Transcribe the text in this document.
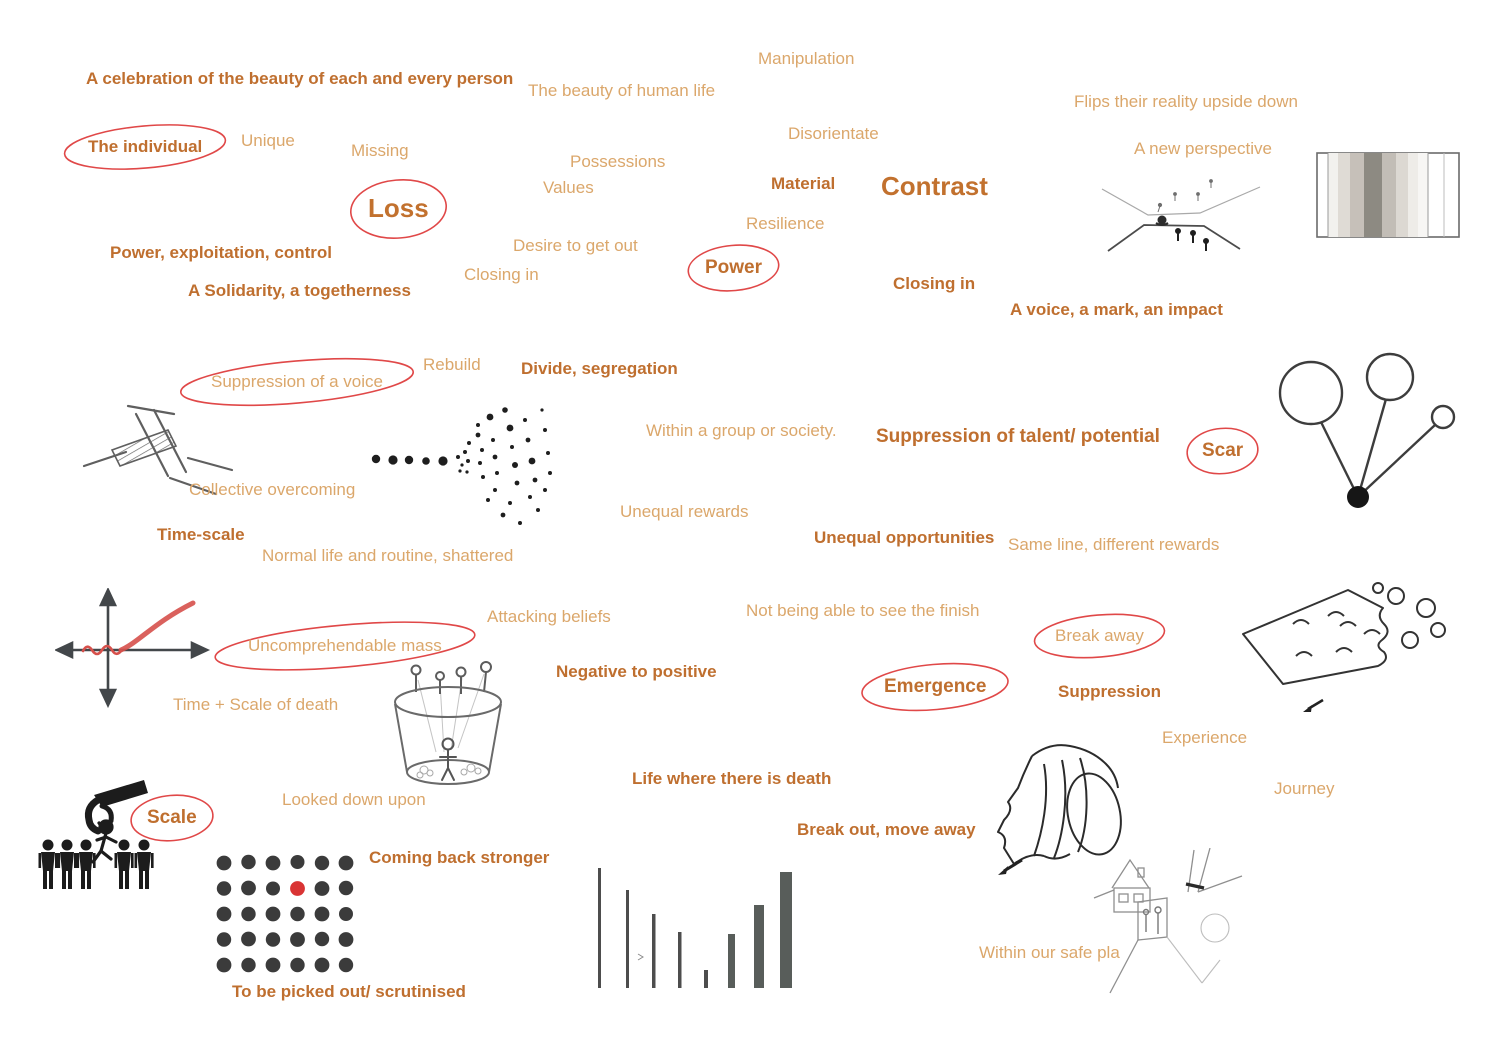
A celebration of the beauty of each and every person
Manipulation
The beauty of human life
Flips their reality upside down
The individual Unique
Missing
Disorientate
A new perspective
Possessions
Values	Material Contrast
Loss
Resilience
Desire to get out
Power, exploitation, control
Power
Closing in	Closing in
A Solidarity, a togetherness
A voice, a mark, an impact
Rebuild Divide, segregation
Suppression of a voice
Within a group or society. Suppression of talent/ potential
Scar
Collective overcoming
Unequal rewards
Time-scale	Unequal opportunities Same line, different rewards
Normal life and routine, shattered
Not being able to see the finish
Attacking beliefs
Uncomprehendable mass
Break away
Negative to positive
Emergence	Suppression
Time + Scale of death
Experience
Life where there is death
Journey
Looked down upon
Scale
Break out, move away
Coming back stronger
Within our safe pla
To be picked out/ scrutinised
